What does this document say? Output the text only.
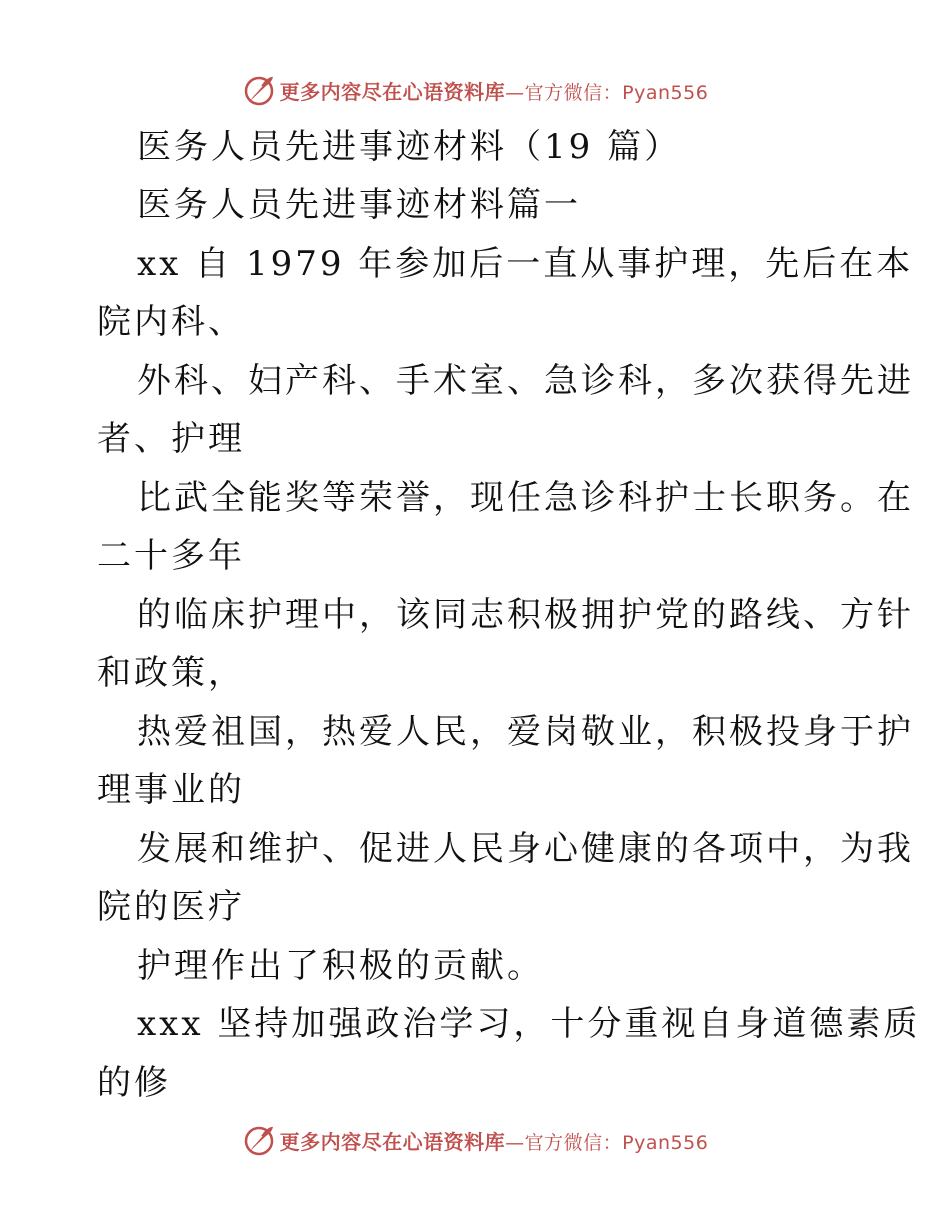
更多内容尽在心语资料库 — 官方微信：Pyan556
医务人员先进事迹材料（19 篇）
医务人员先进事迹材料篇一
xx 自 1979 年参加后一直从事护理，先后在本
院内科、
外科、妇产科、手术室、急诊科，多次获得先进
者、护理
比武全能奖等荣誉，现任急诊科护士长职务。在
二十多年
的临床护理中，该同志积极拥护党的路线、方针
和政策，
热爱祖国，热爱人民，爱岗敬业，积极投身于护
理事业的
发展和维护、促进人民身心健康的各项中，为我
院的医疗
护理作出了积极的贡献。
xxx 坚持加强政治学习，十分重视自身道德素质
的修
更多内容尽在心语资料库 — 官方微信：Pyan556
